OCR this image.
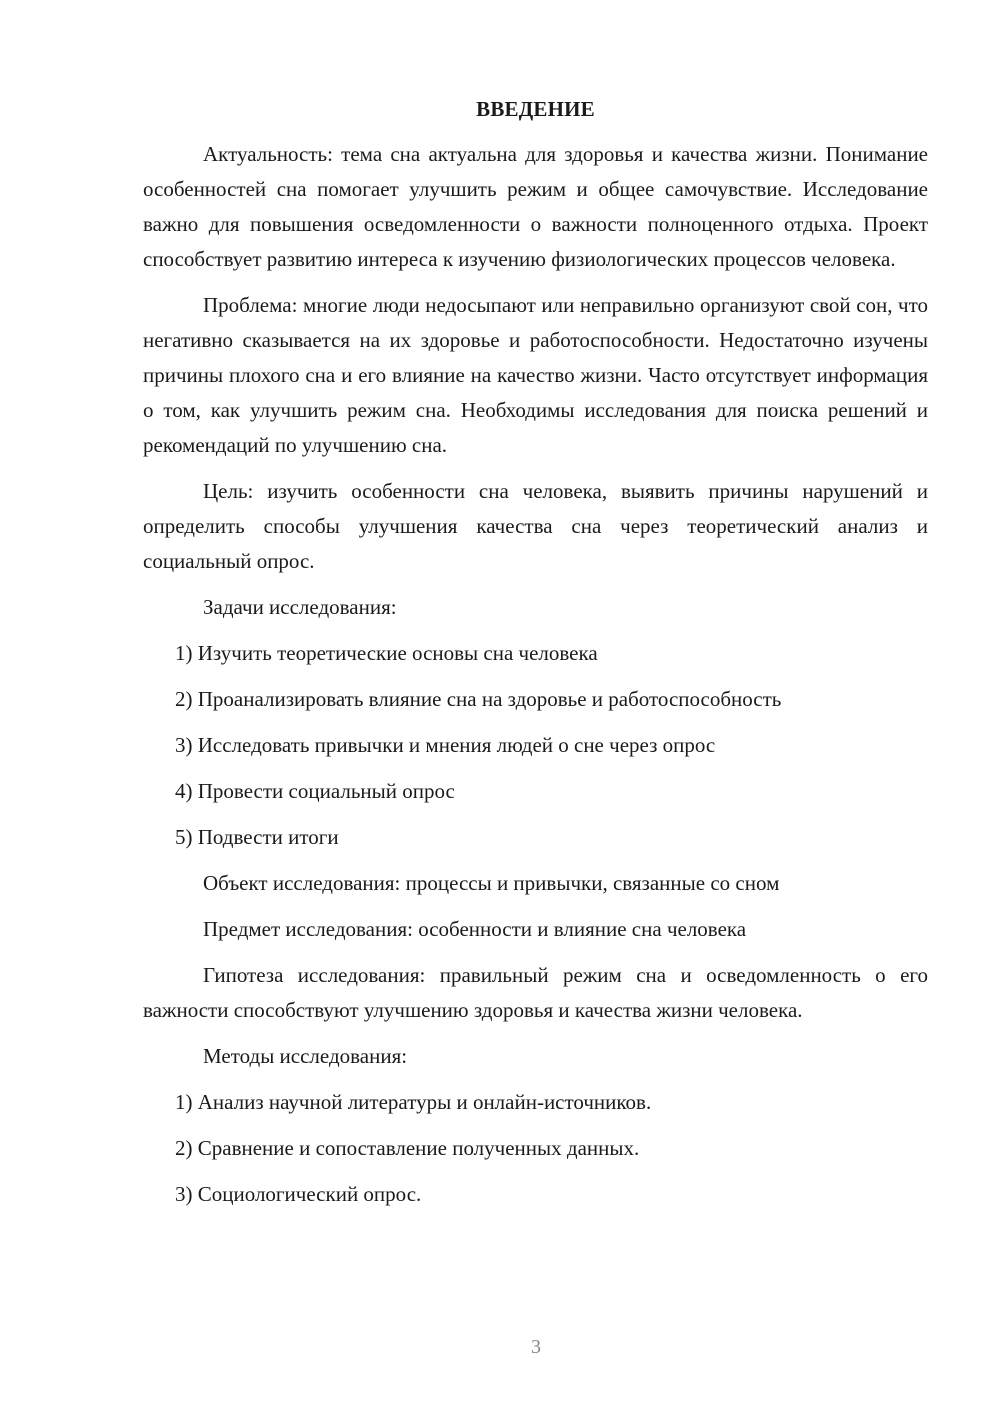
ВВЕДЕНИЕ

Актуальность: тема сна актуальна для здоровья и качества жизни. Понимание особенностей сна помогает улучшить режим и общее самочувствие. Исследование важно для повышения осведомленности о важности полноценного отдыха. Проект способствует развитию интереса к изучению физиологических процессов человека.

Проблема: многие люди недосыпают или неправильно организуют свой сон, что негативно сказывается на их здоровье и работоспособности. Недостаточно изучены причины плохого сна и его влияние на качество жизни. Часто отсутствует информация о том, как улучшить режим сна. Необходимы исследования для поиска решений и рекомендаций по улучшению сна.

Цель: изучить особенности сна человека, выявить причины нарушений и определить способы улучшения качества сна через теоретический анализ и социальный опрос.

Задачи исследования:

1) Изучить теоретические основы сна человека

2) Проанализировать влияние сна на здоровье и работоспособность

3) Исследовать привычки и мнения людей о сне через опрос

4) Провести социальный опрос

5) Подвести итоги

Объект исследования: процессы и привычки, связанные со сном

Предмет исследования: особенности и влияние сна человека

Гипотеза исследования: правильный режим сна и осведомленность о его важности способствуют улучшению здоровья и качества жизни человека.

Методы исследования:

1) Анализ научной литературы и онлайн-источников.

2) Сравнение и сопоставление полученных данных.

3) Социологический опрос.

3
